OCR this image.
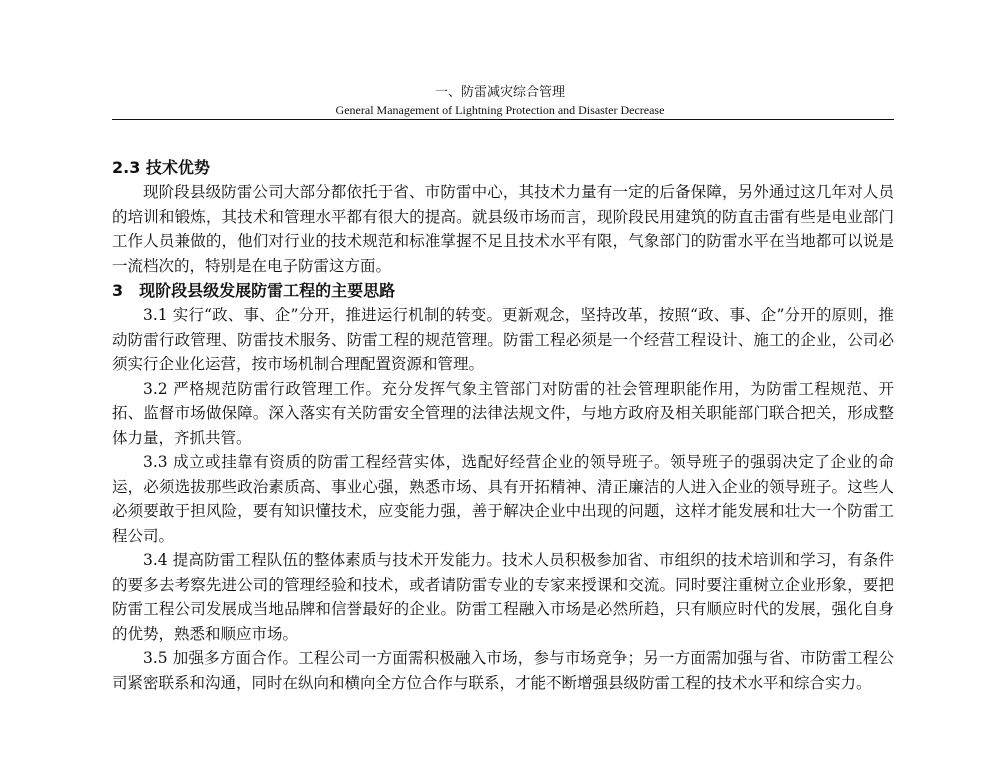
一、防雷减灾综合管理
General Management of Lightning Protection and Disaster Decrease
2.3 技术优势

现阶段县级防雷公司大部分都依托于省、市防雷中心，其技术力量有一定的后备保障，另外通过这几年对人员的培训和锻炼，其技术和管理水平都有很大的提高。就县级市场而言，现阶段民用建筑的防直击雷有些是电业部门工作人员兼做的，他们对行业的技术规范和标准掌握不足且技术水平有限，气象部门的防雷水平在当地都可以说是一流档次的，特别是在电子防雷这方面。

3　现阶段县级发展防雷工程的主要思路

3.1 实行“政、事、企”分开，推进运行机制的转变。更新观念，坚持改革，按照“政、事、企”分开的原则，推动防雷行政管理、防雷技术服务、防雷工程的规范管理。防雷工程必须是一个经营工程设计、施工的企业，公司必须实行企业化运营，按市场机制合理配置资源和管理。

3.2 严格规范防雷行政管理工作。充分发挥气象主管部门对防雷的社会管理职能作用，为防雷工程规范、开拓、监督市场做保障。深入落实有关防雷安全管理的法律法规文件，与地方政府及相关职能部门联合把关，形成整体力量，齐抓共管。

3.3 成立或挂靠有资质的防雷工程经营实体，选配好经营企业的领导班子。领导班子的强弱决定了企业的命运，必须选拔那些政治素质高、事业心强，熟悉市场、具有开拓精神、清正廉洁的人进入企业的领导班子。这些人必须要敢于担风险，要有知识懂技术，应变能力强，善于解决企业中出现的问题，这样才能发展和壮大一个防雷工程公司。

3.4 提高防雷工程队伍的整体素质与技术开发能力。技术人员积极参加省、市组织的技术培训和学习，有条件的要多去考察先进公司的管理经验和技术，或者请防雷专业的专家来授课和交流。同时要注重树立企业形象，要把防雷工程公司发展成当地品牌和信誉最好的企业。防雷工程融入市场是必然所趋，只有顺应时代的发展，强化自身的优势，熟悉和顺应市场。

3.5 加强多方面合作。工程公司一方面需积极融入市场，参与市场竞争；另一方面需加强与省、市防雷工程公司紧密联系和沟通，同时在纵向和横向全方位合作与联系，才能不断增强县级防雷工程的技术水平和综合实力。
